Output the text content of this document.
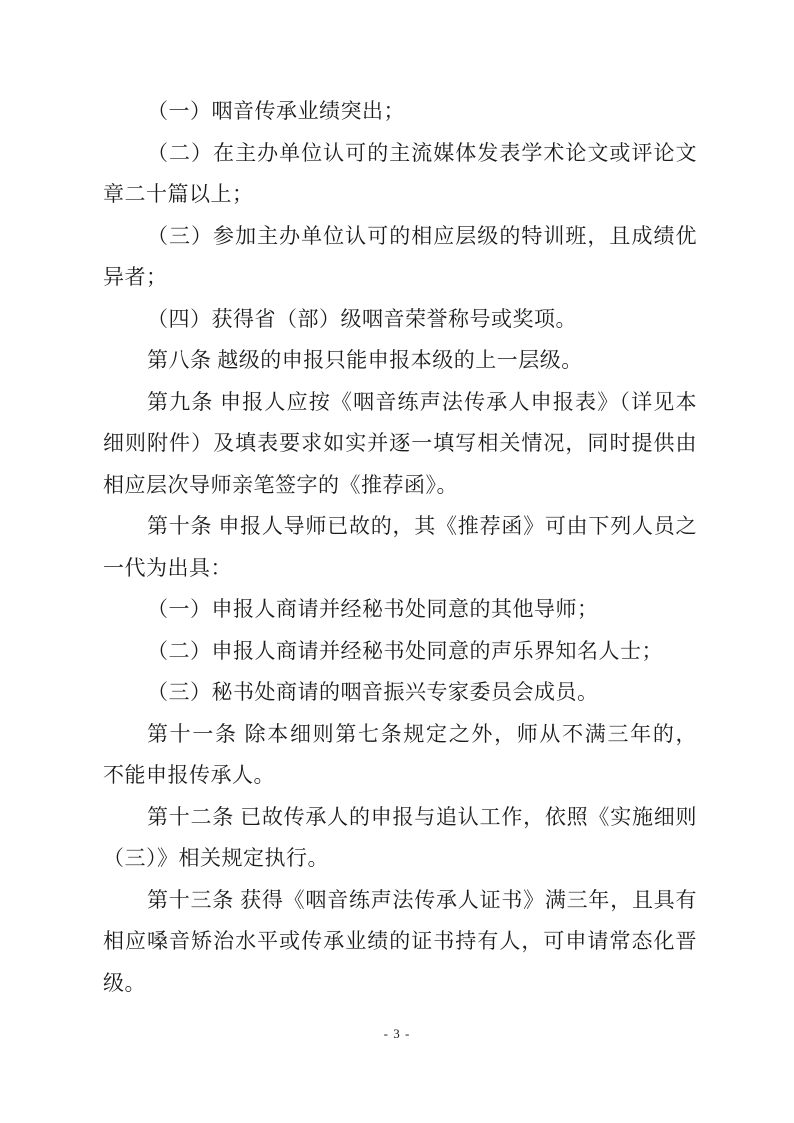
（一）咽音传承业绩突出；
（二）在主办单位认可的主流媒体发表学术论文或评论文
章二十篇以上；
（三）参加主办单位认可的相应层级的特训班，且成绩优
异者；
（四）获得省（部）级咽音荣誉称号或奖项。
第八条 越级的申报只能申报本级的上一层级。
第九条 申报人应按《咽音练声法传承人申报表》（详见本
细则附件）及填表要求如实并逐一填写相关情况，同时提供由
相应层次导师亲笔签字的《推荐函》。
第十条 申报人导师已故的，其《推荐函》可由下列人员之
一代为出具：
（一）申报人商请并经秘书处同意的其他导师；
（二）申报人商请并经秘书处同意的声乐界知名人士；
（三）秘书处商请的咽音振兴专家委员会成员。
第十一条 除本细则第七条规定之外，师从不满三年的，
不能申报传承人。
第十二条 已故传承人的申报与追认工作，依照《实施细则
（三）》相关规定执行。
第十三条 获得《咽音练声法传承人证书》满三年，且具有
相应嗓音矫治水平或传承业绩的证书持有人，可申请常态化晋
级。
- 3 -
